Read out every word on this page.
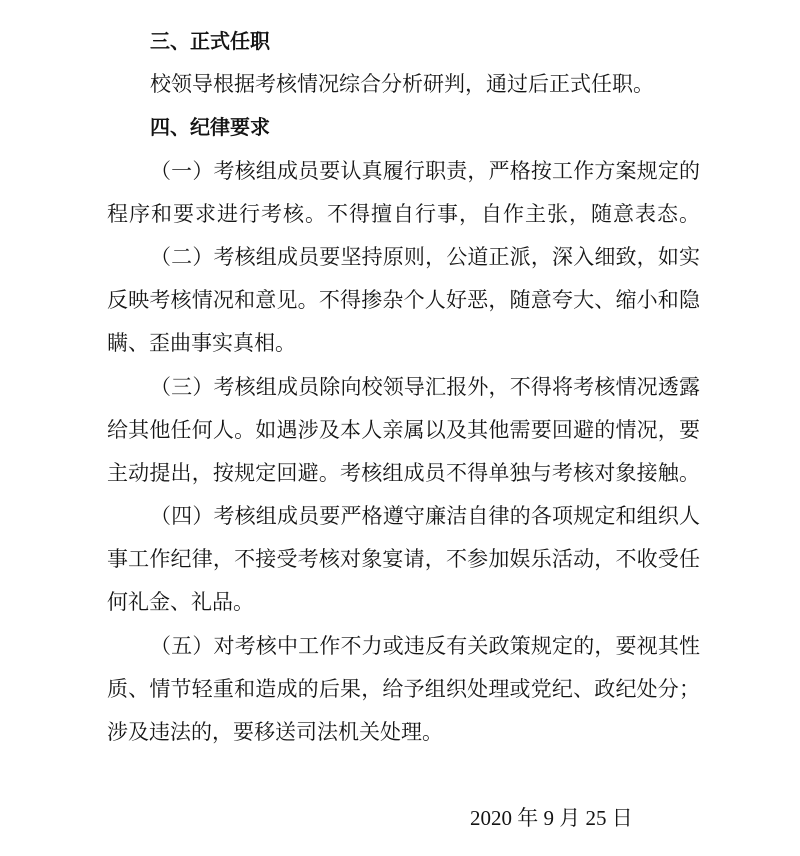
三、正式任职
校领导根据考核情况综合分析研判，通过后正式任职。
四、纪律要求
（一）考核组成员要认真履行职责，严格按工作方案规定的
程序和要求进行考核。不得擅自行事，自作主张，随意表态。
（二）考核组成员要坚持原则，公道正派，深入细致，如实
反映考核情况和意见。不得掺杂个人好恶，随意夸大、缩小和隐
瞒、歪曲事实真相。
（三）考核组成员除向校领导汇报外，不得将考核情况透露
给其他任何人。如遇涉及本人亲属以及其他需要回避的情况，要
主动提出，按规定回避。考核组成员不得单独与考核对象接触。
（四）考核组成员要严格遵守廉洁自律的各项规定和组织人
事工作纪律，不接受考核对象宴请，不参加娱乐活动，不收受任
何礼金、礼品。
（五）对考核中工作不力或违反有关政策规定的，要视其性
质、情节轻重和造成的后果，给予组织处理或党纪、政纪处分；
涉及违法的，要移送司法机关处理。
2020 年 9 月 25 日
